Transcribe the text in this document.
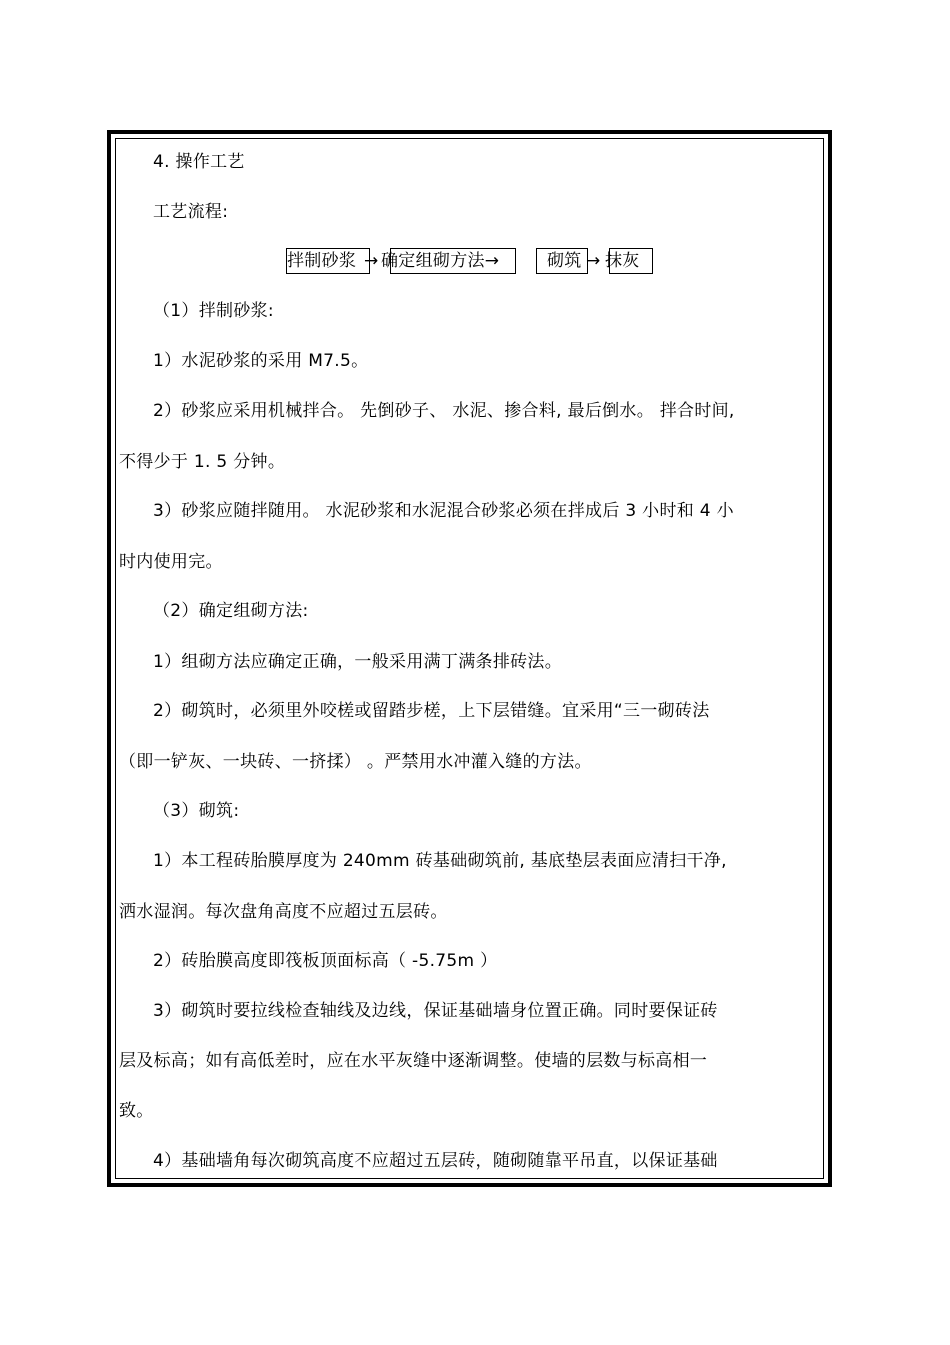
4. 操作工艺
工艺流程:
拌制砂浆 → 确定组砌方法→	砌筑 → 抹灰
（1）拌制砂浆:
1）水泥砂浆的采用 M7.5。
2）砂浆应采用机械拌合。 先倒砂子、 水泥、掺合料, 最后倒水。 拌合时间,
不得少于 1. 5 分钟。
3）砂浆应随拌随用。 水泥砂浆和水泥混合砂浆必须在拌成后 3 小时和 4 小
时内使用完。
（2）确定组砌方法:
1）组砌方法应确定正确，一般采用满丁满条排砖法。
2）砌筑时，必须里外咬槎或留踏步槎，上下层错缝。宜采用“三一砌砖法
（即一铲灰、一块砖、一挤揉） 。严禁用水冲灌入缝的方法。
（3）砌筑:
1）本工程砖胎膜厚度为 240mm 砖基础砌筑前, 基底垫层表面应清扫干净,
洒水湿润。每次盘角高度不应超过五层砖。
2）砖胎膜高度即筏板顶面标高（ -5.75m ）
3）砌筑时要拉线检查轴线及边线，保证基础墙身位置正确。同时要保证砖
层及标高；如有高低差时，应在水平灰缝中逐渐调整。使墙的层数与标高相一
致。
4）基础墙角每次砌筑高度不应超过五层砖，随砌随靠平吊直，以保证基础
